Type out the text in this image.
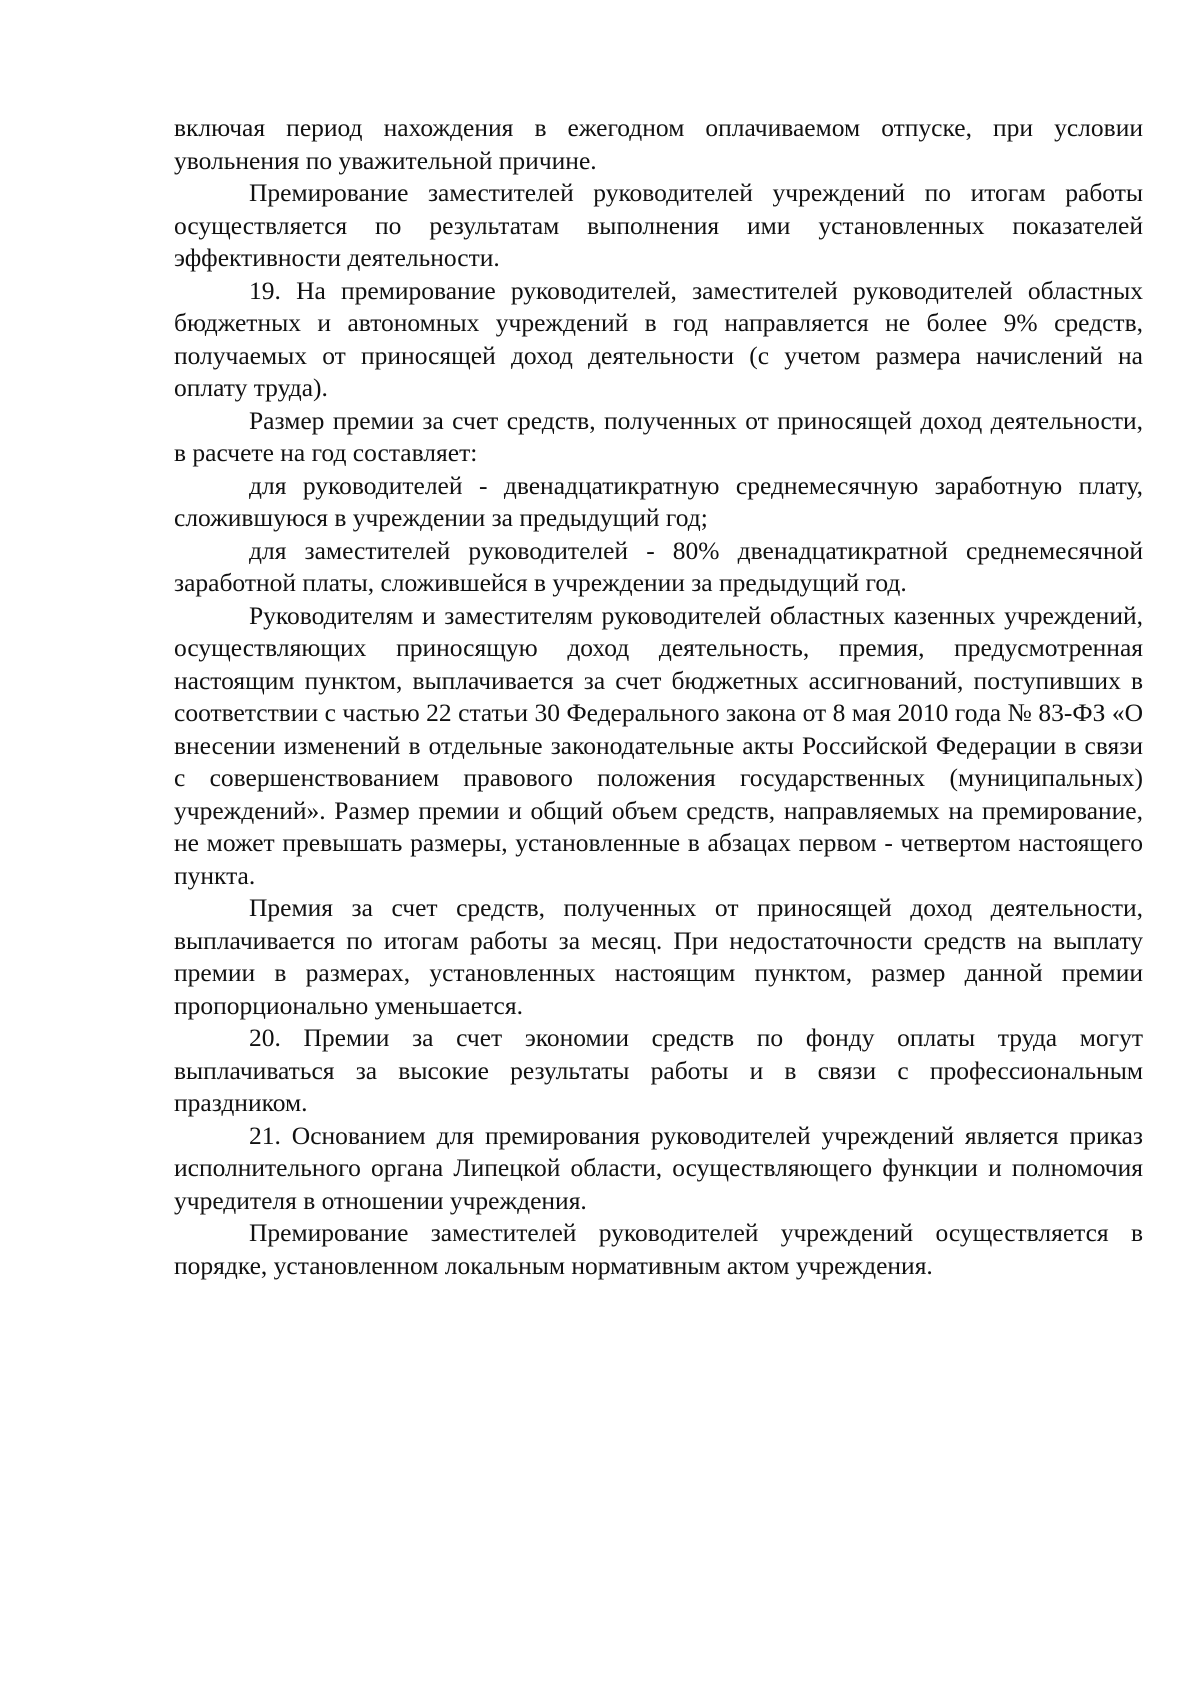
включая период нахождения в ежегодном оплачиваемом отпуске, при условии увольнения по уважительной причине.

Премирование заместителей руководителей учреждений по итогам работы осуществляется по результатам выполнения ими установленных показателей эффективности деятельности.

19. На премирование руководителей, заместителей руководителей областных бюджетных и автономных учреждений в год направляется не более 9% средств, получаемых от приносящей доход деятельности (с учетом размера начислений на оплату труда).

Размер премии за счет средств, полученных от приносящей доход деятельности, в расчете на год составляет:

для руководителей - двенадцатикратную среднемесячную заработную плату, сложившуюся в учреждении за предыдущий год;

для заместителей руководителей - 80% двенадцатикратной среднемесячной заработной платы, сложившейся в учреждении за предыдущий год.

Руководителям и заместителям руководителей областных казенных учреждений, осуществляющих приносящую доход деятельность, премия, предусмотренная настоящим пунктом, выплачивается за счет бюджетных ассигнований, поступивших в соответствии с частью 22 статьи 30 Федерального закона от 8 мая 2010 года № 83-ФЗ «О внесении изменений в отдельные законодательные акты Российской Федерации в связи с совершенствованием правового положения государственных (муниципальных) учреждений». Размер премии и общий объем средств, направляемых на премирование, не может превышать размеры, установленные в абзацах первом - четвертом настоящего пункта.

Премия за счет средств, полученных от приносящей доход деятельности, выплачивается по итогам работы за месяц. При недостаточности средств на выплату премии в размерах, установленных настоящим пунктом, размер данной премии пропорционально уменьшается.

20. Премии за счет экономии средств по фонду оплаты труда могут выплачиваться за высокие результаты работы и в связи с профессиональным праздником.

21. Основанием для премирования руководителей учреждений является приказ исполнительного органа Липецкой области, осуществляющего функции и полномочия учредителя в отношении учреждения.

Премирование заместителей руководителей учреждений осуществляется в порядке, установленном локальным нормативным актом учреждения.
